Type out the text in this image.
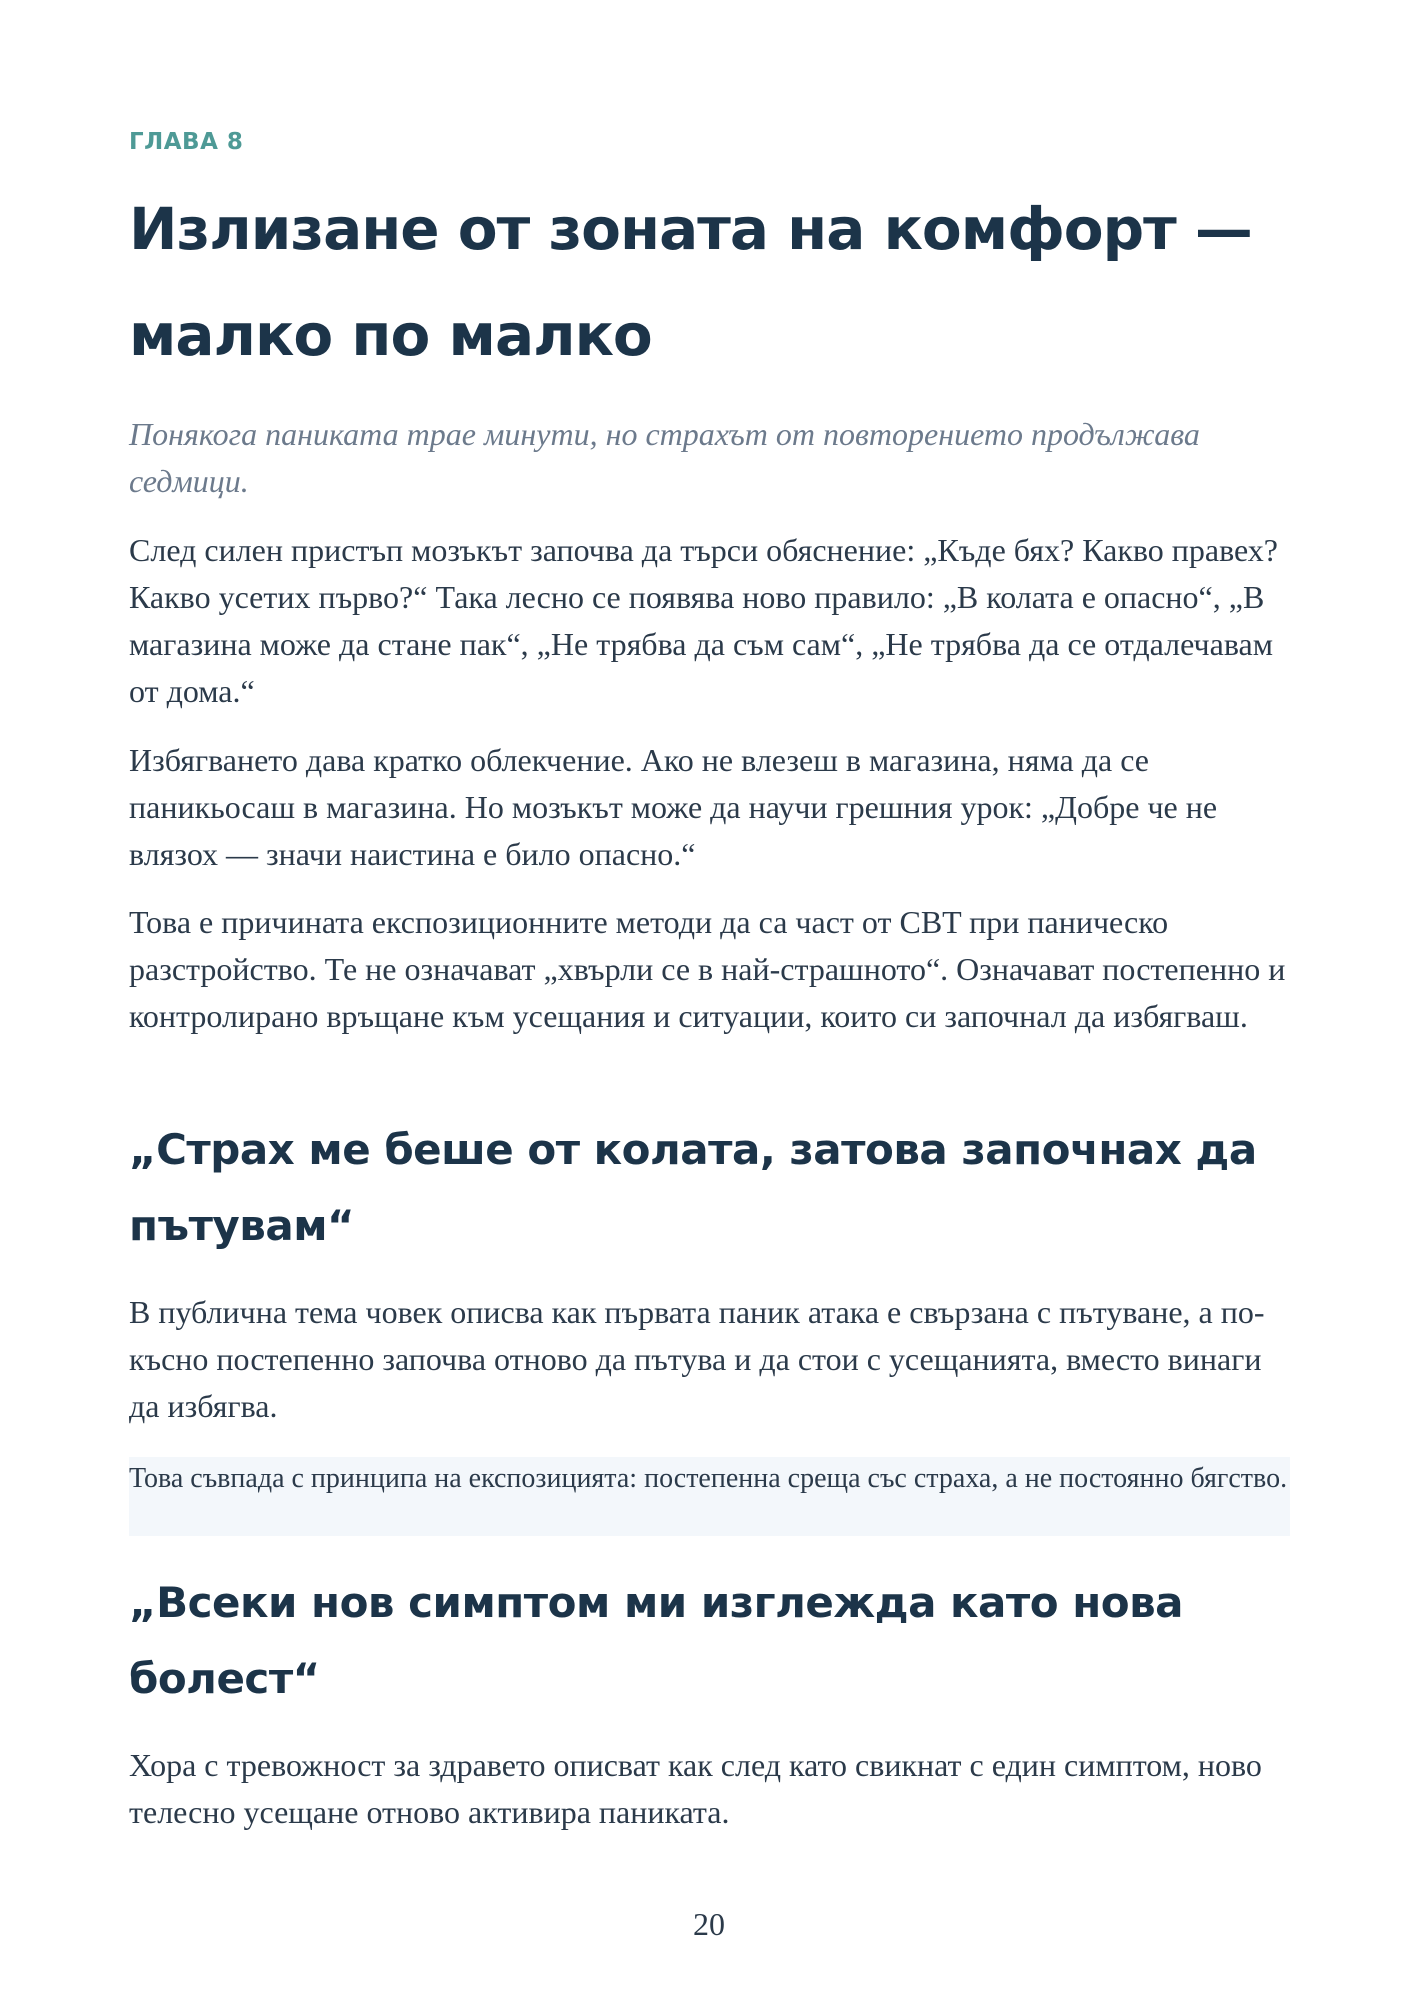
ГЛАВА 8
Излизане от зоната на комфорт — малко по малко

Понякога паниката трае минути, но страхът от повторението продължава седмици.

След силен пристъп мозъкът започва да търси обяснение: „Къде бях? Какво правех? Какво усетих първо?“ Така лесно се появява ново правило: „В колата е опасно“, „В магазина може да стане пак“, „Не трябва да съм сам“, „Не трябва да се отдалечавам от дома.“

Избягването дава кратко облекчение. Ако не влезеш в магазина, няма да се паникьосаш в магазина. Но мозъкът може да научи грешния урок: „Добре че не влязох — значи наистина е било опасно.“

Това е причината експозиционните методи да са част от CBT при паническо разстройство. Те не означават „хвърли се в най-страшното“. Означават постепенно и контролирано връщане към усещания и ситуации, които си започнал да избягваш.

„Страх ме беше от колата, затова започнах да пътувам“

В публична тема човек описва как първата паник атака е свързана с пътуване, а по-късно постепенно започва отново да пътува и да стои с усещанията, вместо винаги да избягва.

Това съвпада с принципа на експозицията: постепенна среща със страха, а не постоянно бягство.

„Всеки нов симптом ми изглежда като нова болест“

Хора с тревожност за здравето описват как след като свикнат с един симптом, ново телесно усещане отново активира паниката.

20
